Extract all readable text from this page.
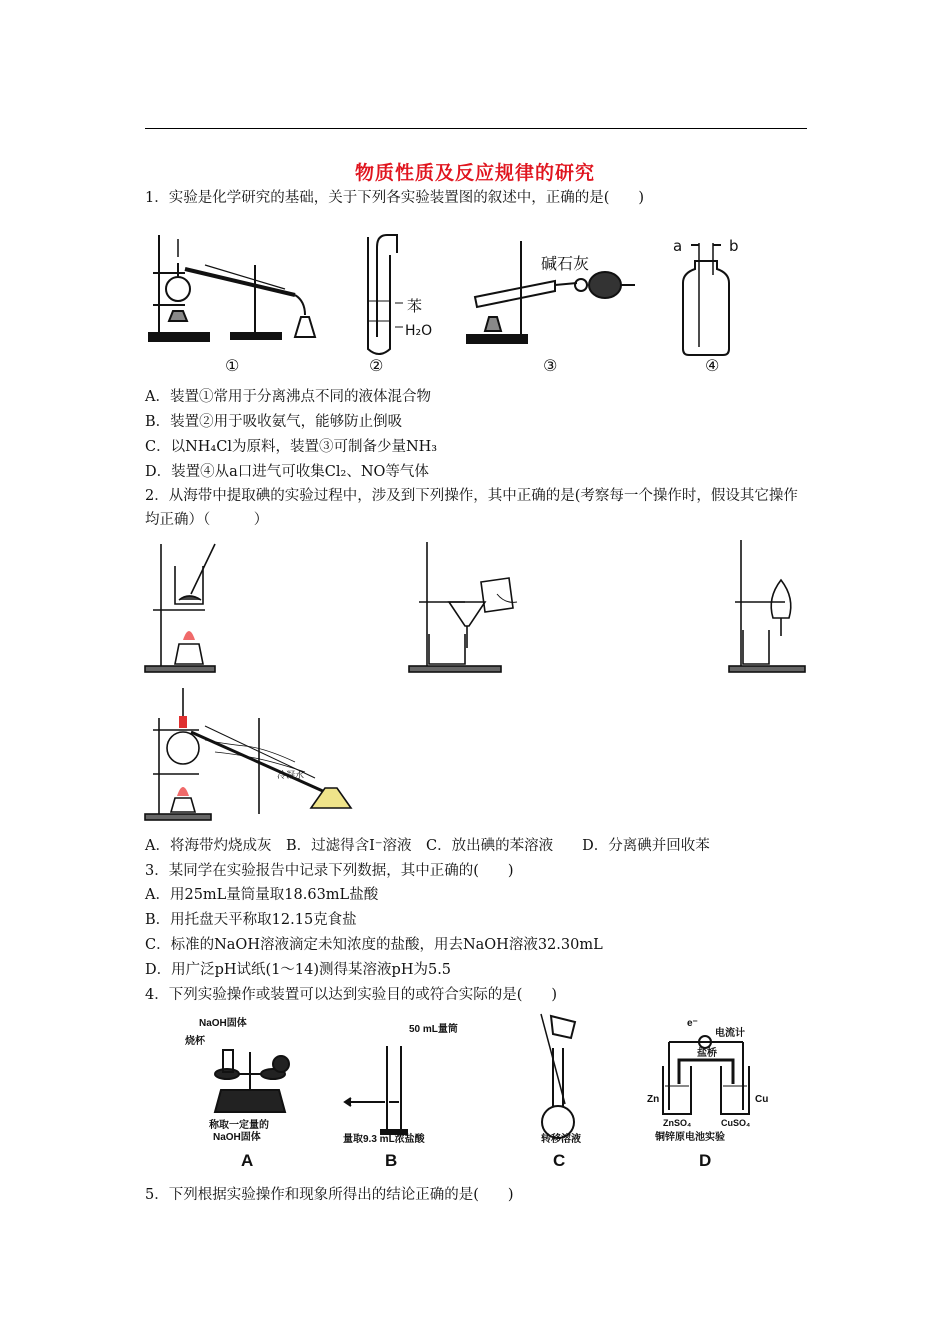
物质性质及反应规律的研究
1．实验是化学研究的基础，关于下列各实验装置图的叙述中，正确的是(　　)
苯
H₂O
碱石灰
a	b
①	②	③	④
A．装置①常用于分离沸点不同的液体混合物
B．装置②用于吸收氨气，能够防止倒吸
C．以NH₄Cl为原料，装置③可制备少量NH₃
D．装置④从a口进气可收集Cl₂、NO等气体
2．从海带中提取碘的实验过程中，涉及到下列操作，其中正确的是(考察每一个操作时，假设其它操作均正确）（　　　）
冷凝水
A．将海带灼烧成灰　B．过滤得含I⁻溶液　C．放出碘的苯溶液　　D．分离碘并回收苯
3．某同学在实验报告中记录下列数据，其中正确的(　　)
A．用25mL量筒量取18.63mL盐酸
B．用托盘天平称取12.15克食盐
C．标准的NaOH溶液滴定未知浓度的盐酸，用去NaOH溶液32.30mL
D．用广泛pH试纸(1～14)测得某溶液pH为5.5
4．下列实验操作或装置可以达到实验目的或符合实际的是(　　)
NaOH固体
烧杯
称取一定量的
NaOH固体
A
50 mL量筒
量取9.3 mL浓盐酸
B
转移溶液
C
e⁻
电流计
盐桥
Zn	Cu
ZnSO₄	CuSO₄
铜锌原电池实验
D
5．下列根据实验操作和现象所得出的结论正确的是(　　)
